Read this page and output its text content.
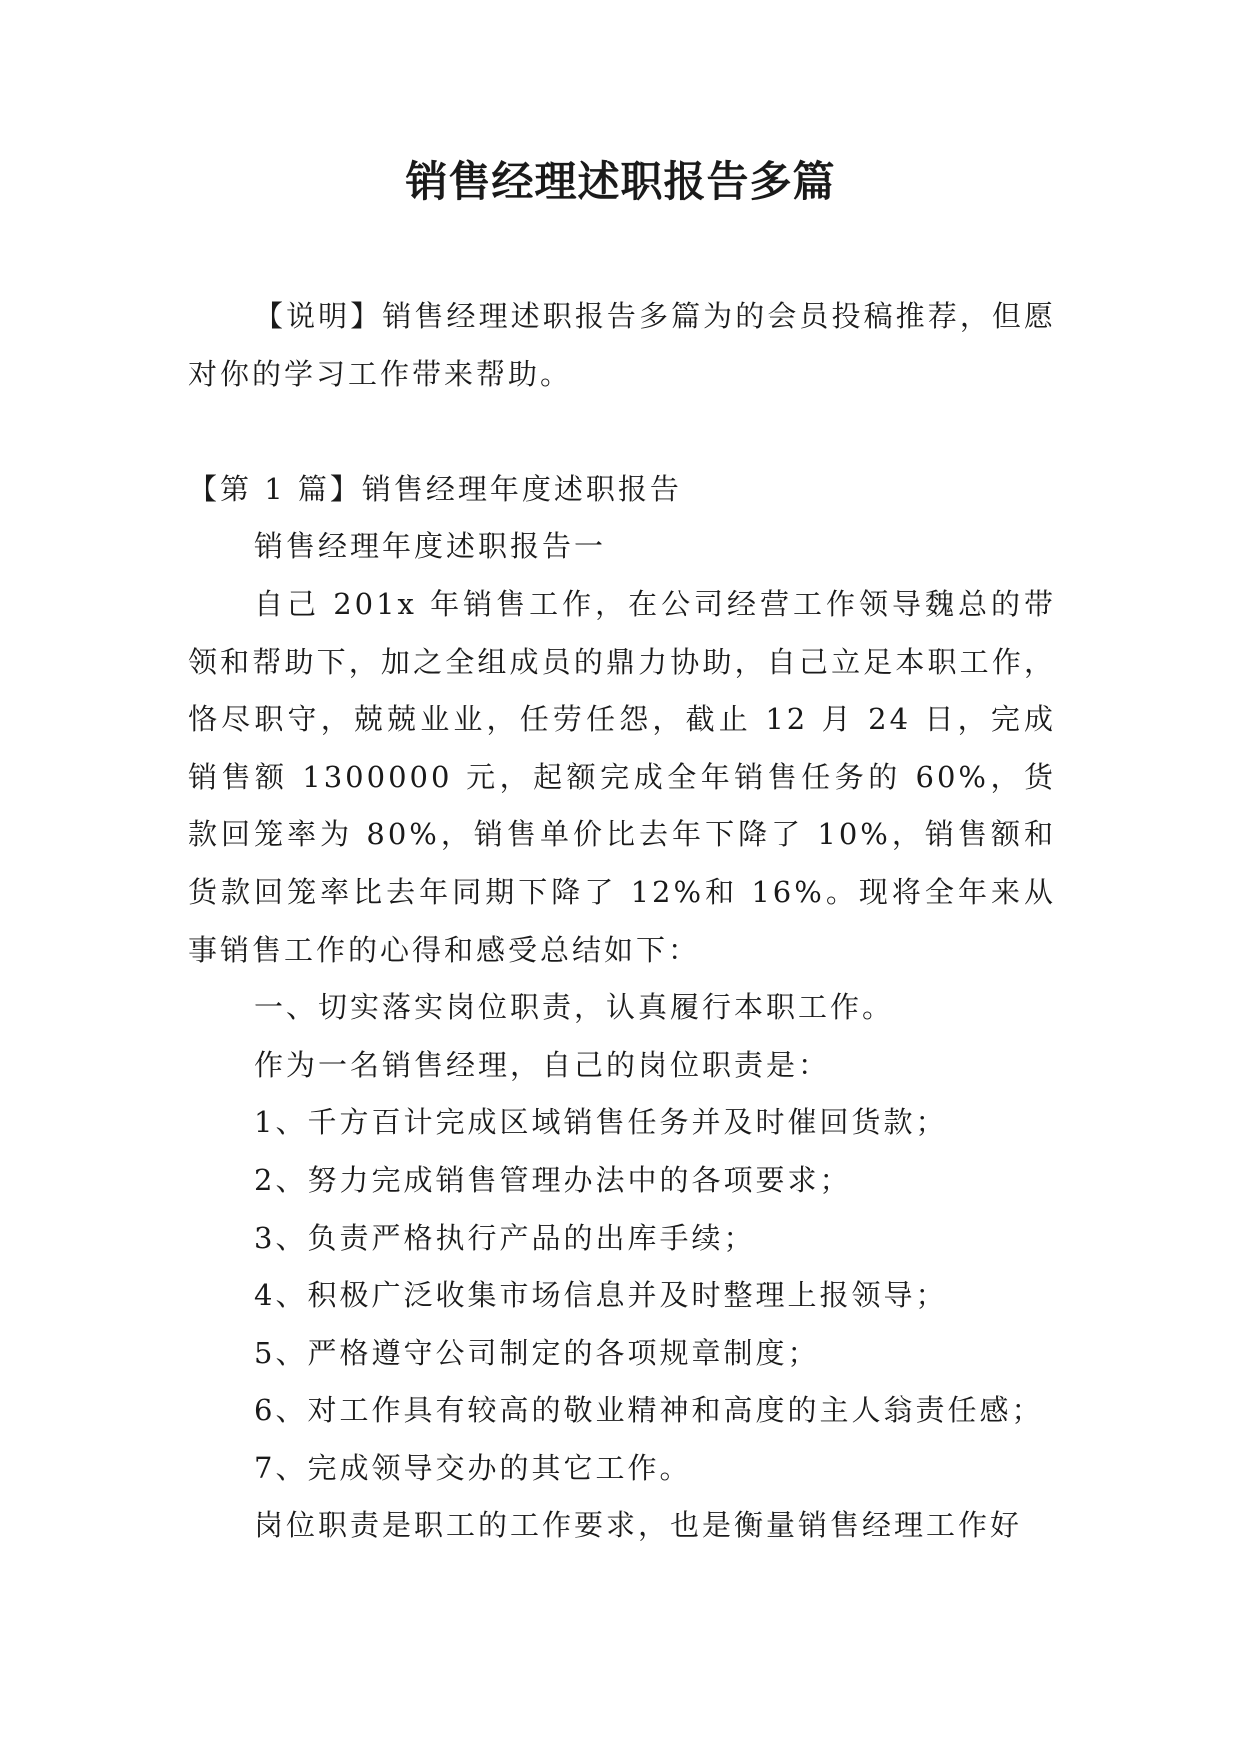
销售经理述职报告多篇

【说明】销售经理述职报告多篇为的会员投稿推荐，但愿对你的学习工作带来帮助。

【第 1 篇】销售经理年度述职报告

销售经理年度述职报告一

自己 201x 年销售工作，在公司经营工作领导魏总的带领和帮助下，加之全组成员的鼎力协助，自己立足本职工作，恪尽职守，兢兢业业，任劳任怨，截止 12 月 24 日，完成销售额 1300000 元，起额完成全年销售任务的 60%，货款回笼率为 80%，销售单价比去年下降了 10%，销售额和货款回笼率比去年同期下降了 12%和 16%。现将全年来从事销售工作的心得和感受总结如下：

一、切实落实岗位职责，认真履行本职工作。

作为一名销售经理，自己的岗位职责是：

1、千方百计完成区域销售任务并及时催回货款；

2、努力完成销售管理办法中的各项要求；

3、负责严格执行产品的出库手续；

4、积极广泛收集市场信息并及时整理上报领导；

5、严格遵守公司制定的各项规章制度；

6、对工作具有较高的敬业精神和高度的主人翁责任感；

7、完成领导交办的其它工作。

岗位职责是职工的工作要求，也是衡量销售经理工作好
